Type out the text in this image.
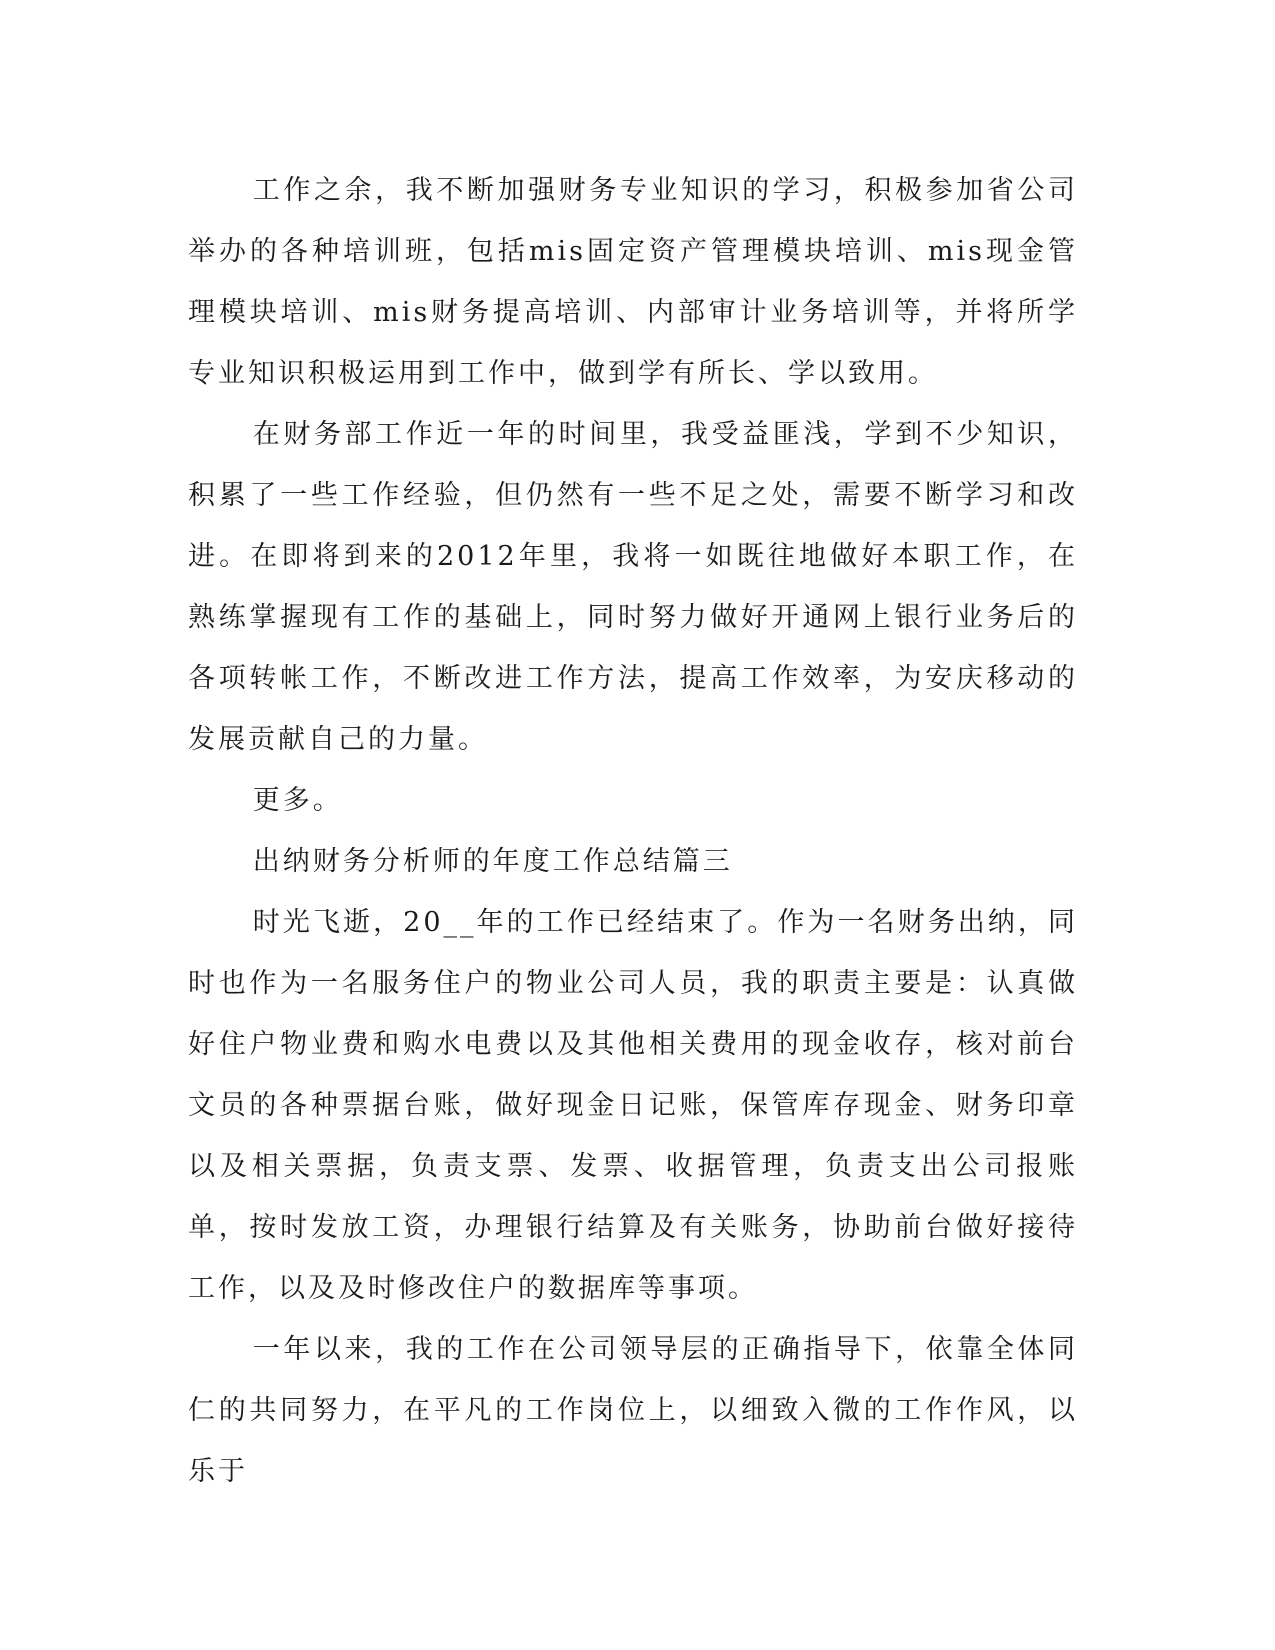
工作之余，我不断加强财务专业知识的学习，积极参加省公司举办的各种培训班，包括mis固定资产管理模块培训、mis现金管理模块培训、mis财务提高培训、内部审计业务培训等，并将所学专业知识积极运用到工作中，做到学有所长、学以致用。

在财务部工作近一年的时间里，我受益匪浅，学到不少知识，积累了一些工作经验，但仍然有一些不足之处，需要不断学习和改进。在即将到来的2012年里，我将一如既往地做好本职工作，在熟练掌握现有工作的基础上，同时努力做好开通网上银行业务后的各项转帐工作，不断改进工作方法，提高工作效率，为安庆移动的发展贡献自己的力量。

更多。

出纳财务分析师的年度工作总结篇三

时光飞逝，20__年的工作已经结束了。作为一名财务出纳，同时也作为一名服务住户的物业公司人员，我的职责主要是：认真做好住户物业费和购水电费以及其他相关费用的现金收存，核对前台文员的各种票据台账，做好现金日记账，保管库存现金、财务印章以及相关票据，负责支票、发票、收据管理，负责支出公司报账单，按时发放工资，办理银行结算及有关账务，协助前台做好接待工作，以及及时修改住户的数据库等事项。

一年以来，我的工作在公司领导层的正确指导下，依靠全体同仁的共同努力，在平凡的工作岗位上，以细致入微的工作作风，以乐于
